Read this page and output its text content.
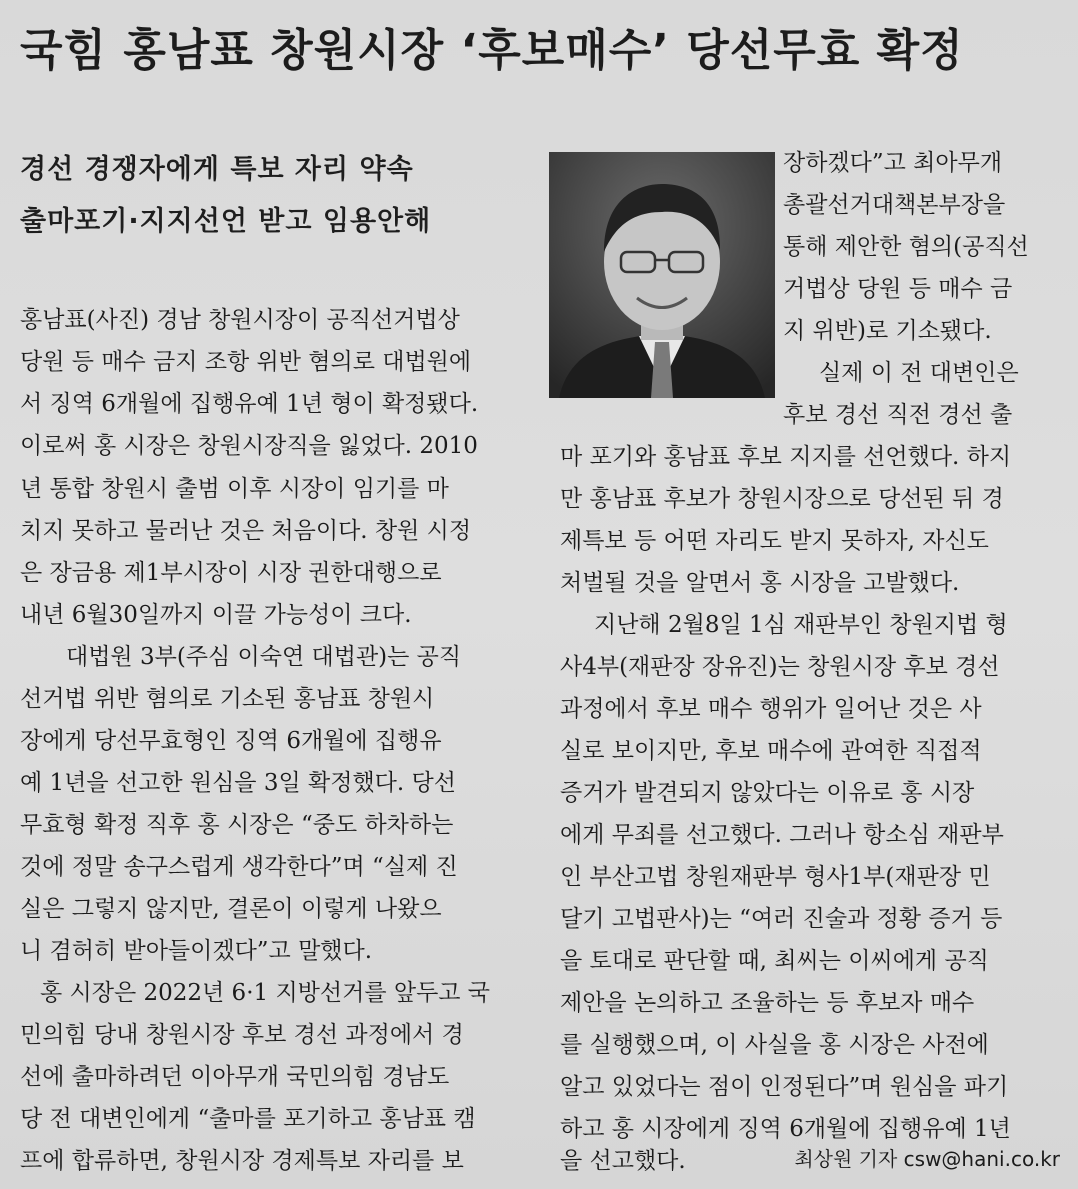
국힘 홍남표 창원시장 ‘후보매수’ 당선무효 확정
경선 경쟁자에게 특보 자리 약속
출마포기·지지선언 받고 임용안해
홍남표(사진) 경남 창원시장이 공직선거법상
당원 등 매수 금지 조항 위반 혐의로 대법원에
서 징역 6개월에 집행유예 1년 형이 확정됐다.
이로써 홍 시장은 창원시장직을 잃었다. 2010
년 통합 창원시 출범 이후 시장이 임기를 마
치지 못하고 물러난 것은 처음이다. 창원 시정
은 장금용 제1부시장이 시장 권한대행으로
내년 6월30일까지 이끌 가능성이 크다.
대법원 3부(주심 이숙연 대법관)는 공직
선거법 위반 혐의로 기소된 홍남표 창원시
장에게 당선무효형인 징역 6개월에 집행유
예 1년을 선고한 원심을 3일 확정했다. 당선
무효형 확정 직후 홍 시장은 “중도 하차하는
것에 정말 송구스럽게 생각한다”며 “실제 진
실은 그렇지 않지만, 결론이 이렇게 나왔으
니 겸허히 받아들이겠다”고 말했다.
홍 시장은 2022년 6·1 지방선거를 앞두고 국
민의힘 당내 창원시장 후보 경선 과정에서 경
선에 출마하려던 이아무개 국민의힘 경남도
당 전 대변인에게 “출마를 포기하고 홍남표 캠
프에 합류하면, 창원시장 경제특보 자리를 보
장하겠다”고 최아무개
총괄선거대책본부장을
통해 제안한 혐의(공직선
거법상 당원 등 매수 금
지 위반)로 기소됐다.
실제 이 전 대변인은
후보 경선 직전 경선 출
마 포기와 홍남표 후보 지지를 선언했다. 하지
만 홍남표 후보가 창원시장으로 당선된 뒤 경
제특보 등 어떤 자리도 받지 못하자, 자신도
처벌될 것을 알면서 홍 시장을 고발했다.
지난해 2월8일 1심 재판부인 창원지법 형
사4부(재판장 장유진)는 창원시장 후보 경선
과정에서 후보 매수 행위가 일어난 것은 사
실로 보이지만, 후보 매수에 관여한 직접적
증거가 발견되지 않았다는 이유로 홍 시장
에게 무죄를 선고했다. 그러나 항소심 재판부
인 부산고법 창원재판부 형사1부(재판장 민
달기 고법판사)는 “여러 진술과 정황 증거 등
을 토대로 판단할 때, 최씨는 이씨에게 공직
제안을 논의하고 조율하는 등 후보자 매수
를 실행했으며, 이 사실을 홍 시장은 사전에
알고 있었다는 점이 인정된다”며 원심을 파기
하고 홍 시장에게 징역 6개월에 집행유예 1년
을 선고했다.	최상원 기자 csw@hani.co.kr
